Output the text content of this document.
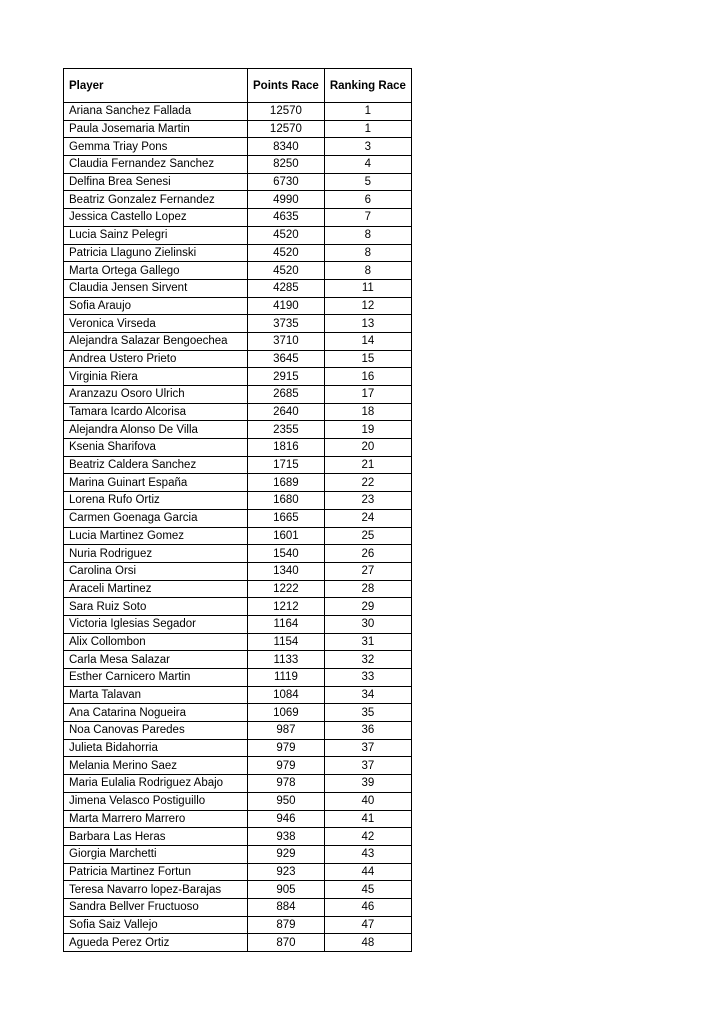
Player	Points Race	Ranking Race
Ariana Sanchez Fallada	12570	1
Paula Josemaria Martin	12570	1
Gemma Triay Pons	8340	3
Claudia Fernandez Sanchez	8250	4
Delfina Brea Senesi	6730	5
Beatriz Gonzalez Fernandez	4990	6
Jessica Castello Lopez	4635	7
Lucia Sainz Pelegri	4520	8
Patricia Llaguno Zielinski	4520	8
Marta Ortega Gallego	4520	8
Claudia Jensen Sirvent	4285	11
Sofia Araujo	4190	12
Veronica Virseda	3735	13
Alejandra Salazar Bengoechea	3710	14
Andrea Ustero Prieto	3645	15
Virginia Riera	2915	16
Aranzazu Osoro Ulrich	2685	17
Tamara Icardo Alcorisa	2640	18
Alejandra Alonso De Villa	2355	19
Ksenia Sharifova	1816	20
Beatriz Caldera Sanchez	1715	21
Marina Guinart España	1689	22
Lorena Rufo Ortiz	1680	23
Carmen Goenaga Garcia	1665	24
Lucia Martinez Gomez	1601	25
Nuria Rodriguez	1540	26
Carolina Orsi	1340	27
Araceli Martinez	1222	28
Sara Ruiz Soto	1212	29
Victoria Iglesias Segador	1164	30
Alix Collombon	1154	31
Carla Mesa Salazar	1133	32
Esther Carnicero Martin	1119	33
Marta Talavan	1084	34
Ana Catarina Nogueira	1069	35
Noa Canovas Paredes	987	36
Julieta Bidahorria	979	37
Melania Merino Saez	979	37
Maria Eulalia Rodriguez Abajo	978	39
Jimena Velasco Postiguillo	950	40
Marta Marrero Marrero	946	41
Barbara Las Heras	938	42
Giorgia Marchetti	929	43
Patricia Martinez Fortun	923	44
Teresa Navarro lopez-Barajas	905	45
Sandra Bellver Fructuoso	884	46
Sofia Saiz Vallejo	879	47
Agueda Perez Ortiz	870	48
